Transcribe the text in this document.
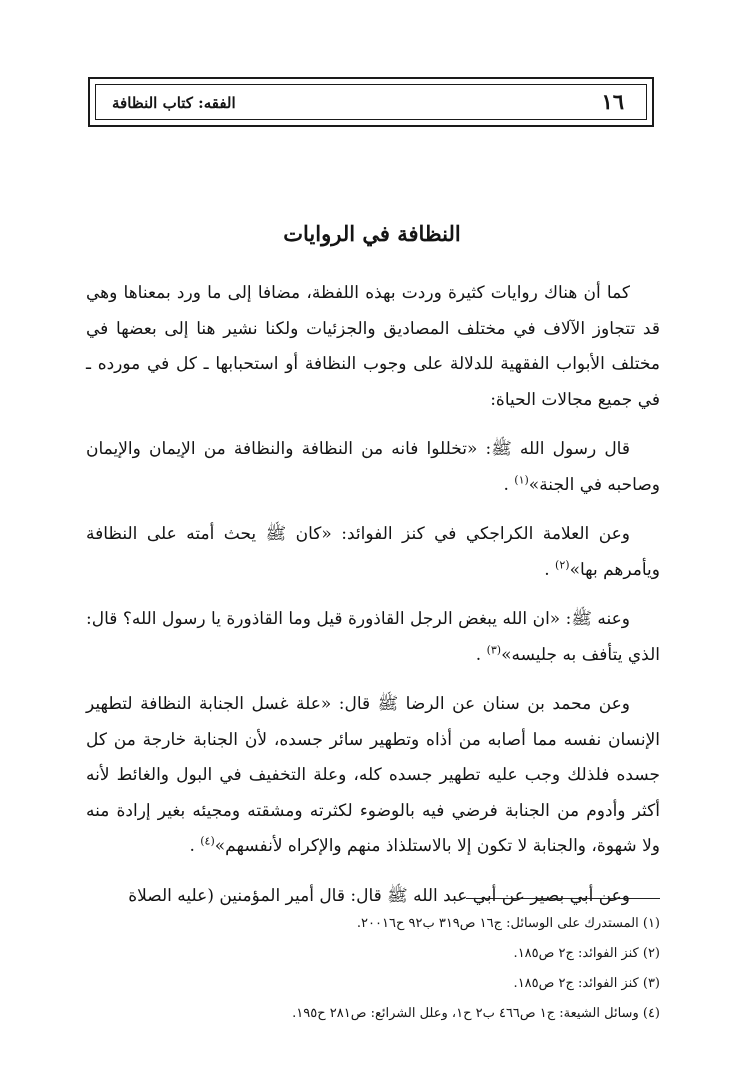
١٦
الفقه: كتاب النظافة
النظافة في الروايات

كما أن هناك روايات كثيرة وردت بهذه اللفظة، مضافا إلى ما ورد بمعناها وهي قد تتجاوز الآلاف في مختلف المصاديق والجزئيات ولكنا نشير هنا إلى بعضها في مختلف الأبواب الفقهية للدلالة على وجوب النظافة أو استحبابها ـ كل في مورده ـ في جميع مجالات الحياة:

قال رسول الله ﷺ: «تخللوا فانه من النظافة والنظافة من الإيمان والإيمان وصاحبه في الجنة»$^{(١)}$ .

وعن العلامة الكراجكي في كنز الفوائد: «كان ﷺ يحث أمته على النظافة ويأمرهم بها»$^{(٢)}$ .

وعنه ﷺ: «ان الله يبغض الرجل القاذورة قيل وما القاذورة يا رسول الله؟ قال: الذي يتأفف به جليسه»$^{(٣)}$ .

وعن محمد بن سنان عن الرضا ﷺ قال: «علة غسل الجنابة النظافة لتطهير الإنسان نفسه مما أصابه من أذاه وتطهير سائر جسده، لأن الجنابة خارجة من كل جسده فلذلك وجب عليه تطهير جسده كله، وعلة التخفيف في البول والغائط لأنه أكثر وأدوم من الجنابة فرضي فيه بالوضوء لكثرته ومشقته ومجيئه بغير إرادة منه ولا شهوة، والجنابة لا تكون إلا بالاستلذاذ منهم والإكراه لأنفسهم»$^{(٤)}$ .

وعن أبي بصير عن أبي عبد الله ﷺ قال: قال أمير المؤمنين (عليه الصلاة

(١) المستدرك على الوسائل: ج١٦ ص٣١٩ ب٩٢ ح٢٠٠١٦.
(٢) كنز الفوائد: ج٢ ص١٨٥.
(٣) كنز الفوائد: ج٢ ص١٨٥.
(٤) وسائل الشيعة: ج١ ص٤٦٦ ب٢ ح١، وعلل الشرائع: ص٢٨١ ح١٩٥.
